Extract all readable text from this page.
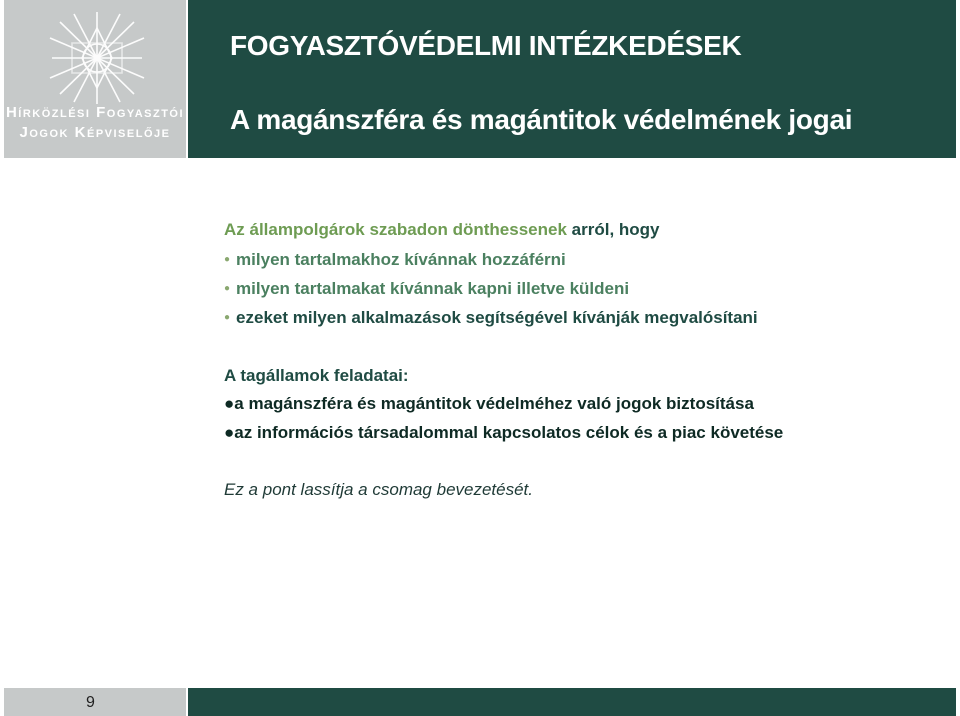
Hírközlési Fogyasztói
Jogok Képviselője
FOGYASZTÓVÉDELMI INTÉZKEDÉSEK
A magánszféra és magántitok védelmének jogai
Az állampolgárok szabadon dönthessenek arról, hogy
● milyen tartalmakhoz kívánnak hozzáférni
● milyen tartalmakat kívánnak kapni illetve küldeni
● ezeket milyen alkalmazások segítségével kívánják megvalósítani
A tagállamok feladatai:
●a magánszféra és magántitok védelméhez való jogok biztosítása
●az információs társadalommal kapcsolatos célok és a piac követése
Ez a pont lassítja a csomag bevezetését.
9
